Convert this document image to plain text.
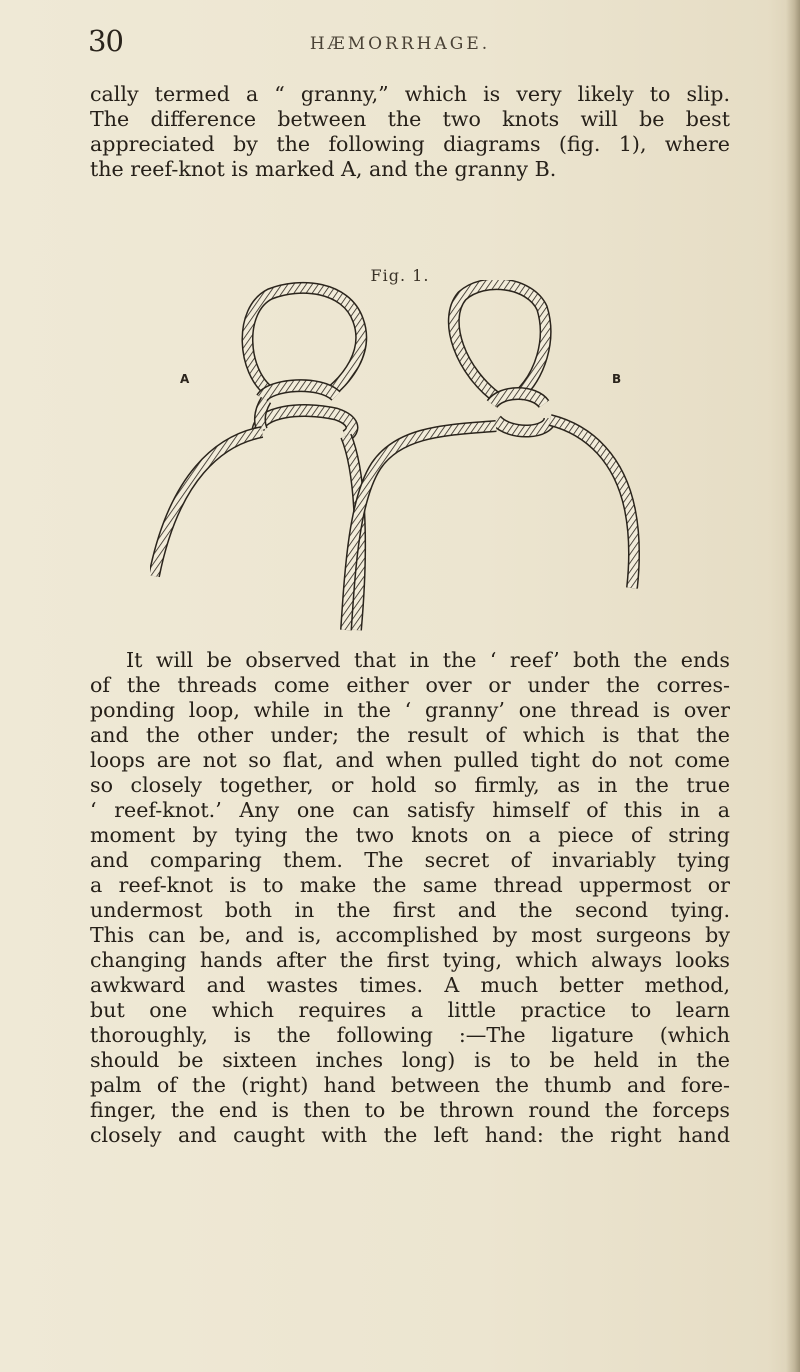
30	HÆMORRHAGE.
cally termed a “ granny,” which is very likely to slip.
The difference between the two knots will be best
appreciated by the following diagrams (fig. 1), where
the reef-knot is marked A, and the granny B.
Fig. 1.
A	B
It will be observed that in the ‘ reef’ both the ends
of the threads come either over or under the corres-
ponding loop, while in the ‘ granny’ one thread is over
and the other under; the result of which is that the
loops are not so flat, and when pulled tight do not come
so closely together, or hold so firmly, as in the true
‘ reef-knot.’ Any one can satisfy himself of this in a
moment by tying the two knots on a piece of string
and comparing them. The secret of invariably tying
a reef-knot is to make the same thread uppermost or
undermost both in the first and the second tying.
This can be, and is, accomplished by most surgeons by
changing hands after the first tying, which always looks
awkward and wastes times. A much better method,
but one which requires a little practice to learn
thoroughly, is the following :—The ligature (which
should be sixteen inches long) is to be held in the
palm of the (right) hand between the thumb and fore-
finger, the end is then to be thrown round the forceps
closely and caught with the left hand: the right hand
